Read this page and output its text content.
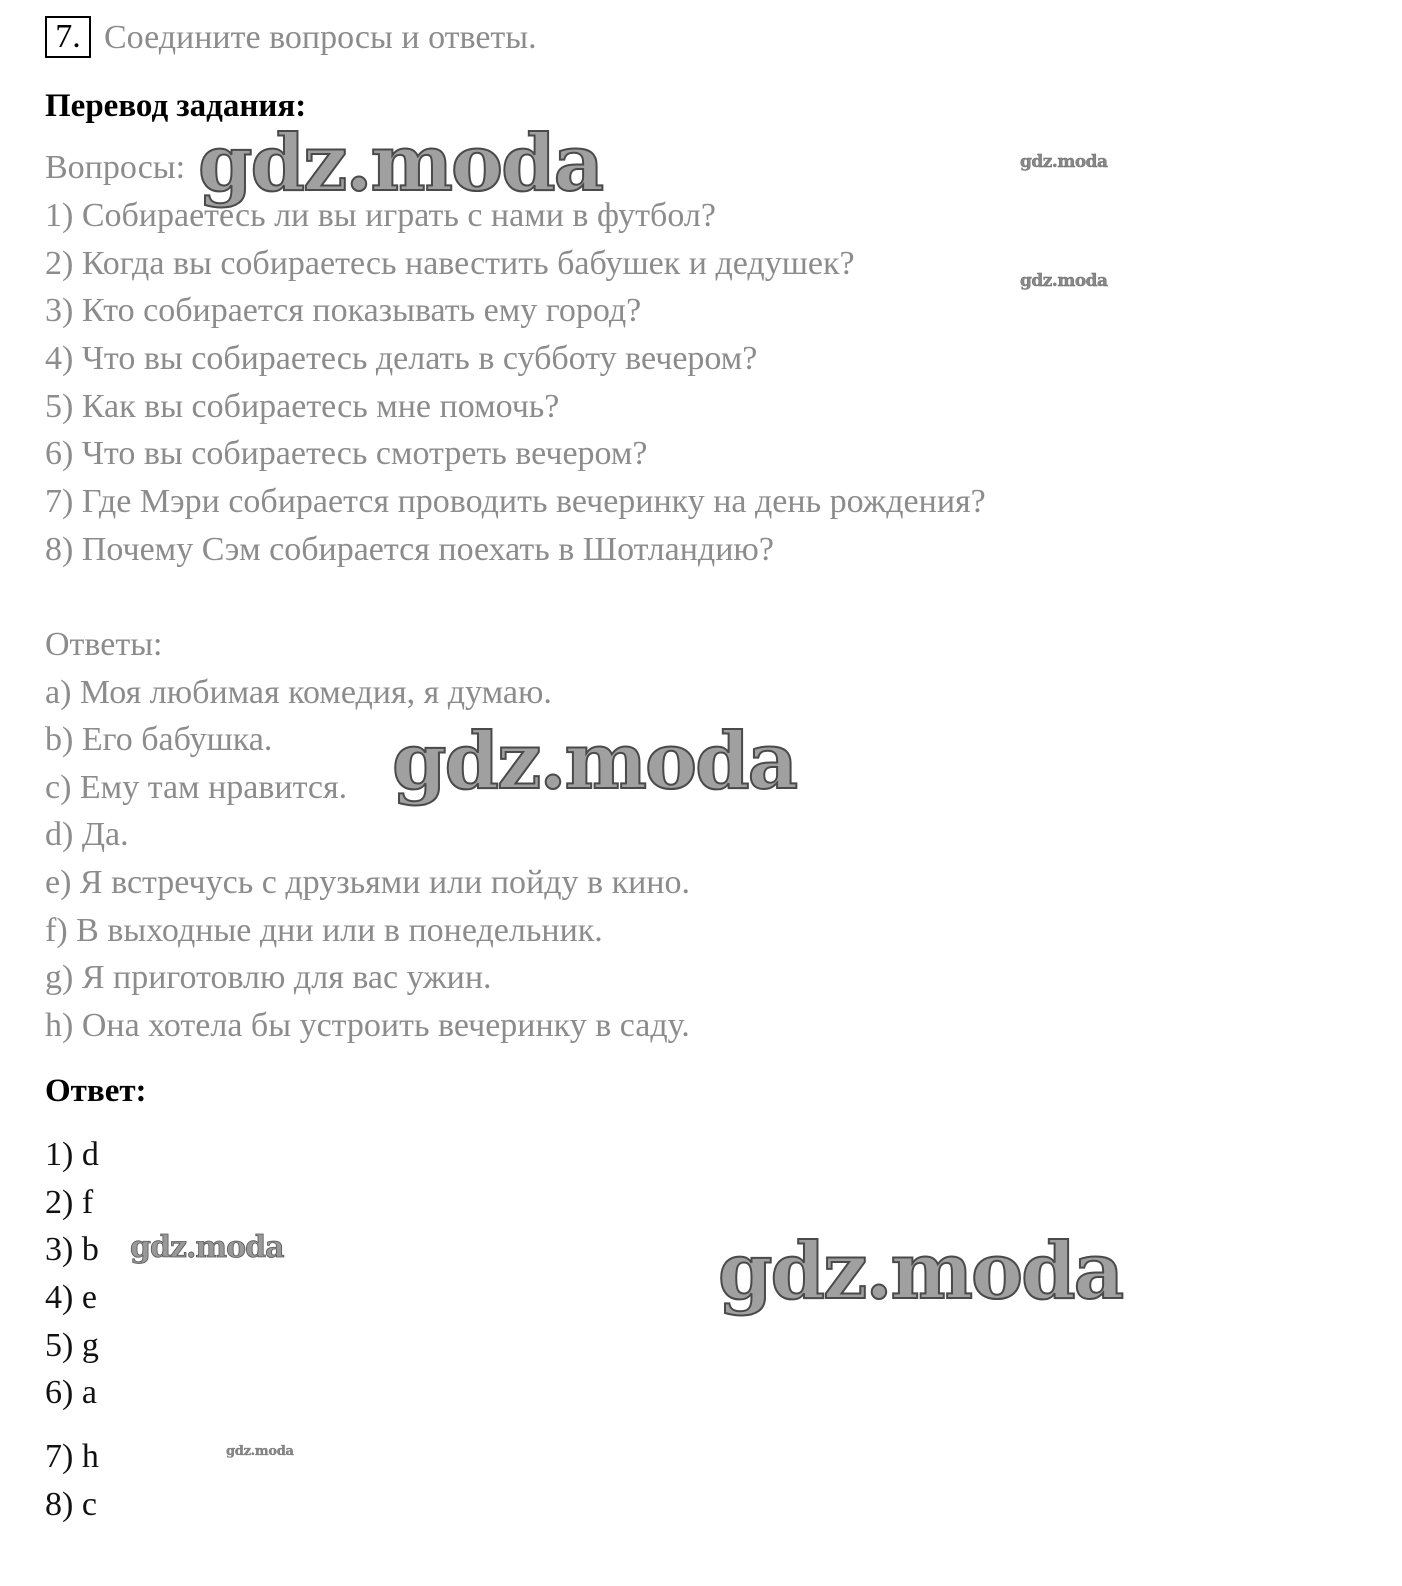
7. Соедините вопросы и ответы.
Перевод задания:
Вопросы:
1) Собираетесь ли вы играть с нами в футбол?
2) Когда вы собираетесь навестить бабушек и дедушек?
3) Кто собирается показывать ему город?
4) Что вы собираетесь делать в субботу вечером?
5) Как вы собираетесь мне помочь?
6) Что вы собираетесь смотреть вечером?
7) Где Мэри собирается проводить вечеринку на день рождения?
8) Почему Сэм собирается поехать в Шотландию?
Ответы:
a) Моя любимая комедия, я думаю.
b) Его бабушка.
c) Ему там нравится.
d) Да.
e) Я встречусь с друзьями или пойду в кино.
f) В выходные дни или в понедельник.
g) Я приготовлю для вас ужин.
h) Она хотела бы устроить вечеринку в саду.
Ответ:
1) d
2) f
3) b
4) e
5) g
6) a
7) h
8) c
gdz.moda	gdz.moda
gdz.moda
gdz.moda
gdz.moda	gdz.moda
gdz.moda
